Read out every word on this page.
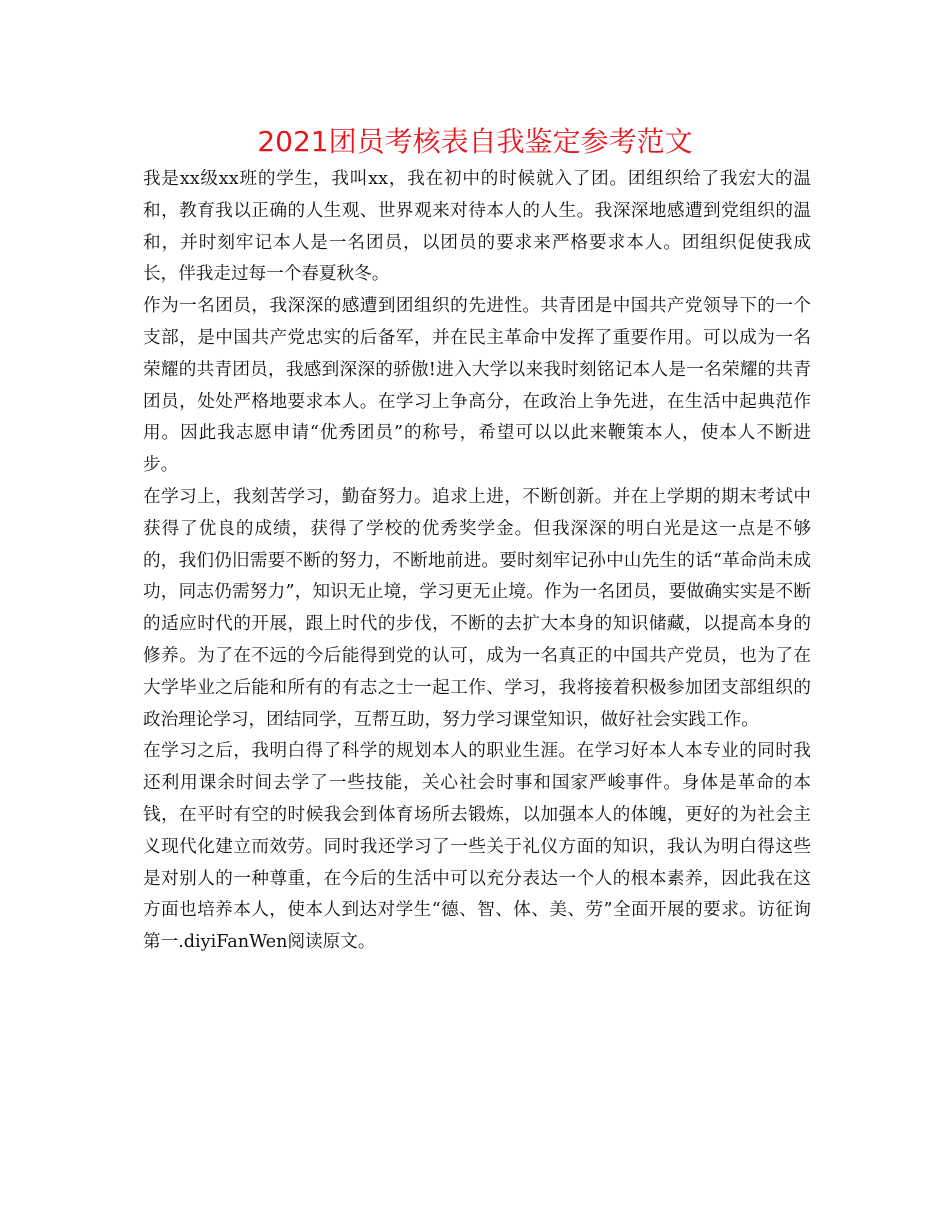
2021团员考核表自我鉴定参考范文

我是xx级xx班的学生，我叫xx，我在初中的时候就入了团。团组织给了我宏大的温和，教育我以正确的人生观、世界观来对待本人的人生。我深深地感遭到党组织的温和，并时刻牢记本人是一名团员，以团员的要求来严格要求本人。团组织促使我成长，伴我走过每一个春夏秋冬。

作为一名团员，我深深的感遭到团组织的先进性。共青团是中国共产党领导下的一个支部，是中国共产党忠实的后备军，并在民主革命中发挥了重要作用。可以成为一名荣耀的共青团员，我感到深深的骄傲!进入大学以来我时刻铭记本人是一名荣耀的共青团员，处处严格地要求本人。在学习上争高分，在政治上争先进，在生活中起典范作用。因此我志愿申请“优秀团员”的称号，希望可以以此来鞭策本人，使本人不断进步。

在学习上，我刻苦学习，勤奋努力。追求上进，不断创新。并在上学期的期末考试中获得了优良的成绩，获得了学校的优秀奖学金。但我深深的明白光是这一点是不够的，我们仍旧需要不断的努力，不断地前进。要时刻牢记孙中山先生的话“革命尚未成功，同志仍需努力”，知识无止境，学习更无止境。作为一名团员，要做确实实是不断的适应时代的开展，跟上时代的步伐，不断的去扩大本身的知识储藏，以提高本身的修养。为了在不远的今后能得到党的认可，成为一名真正的中国共产党员，也为了在大学毕业之后能和所有的有志之士一起工作、学习，我将接着积极参加团支部组织的政治理论学习，团结同学，互帮互助，努力学习课堂知识，做好社会实践工作。

在学习之后，我明白得了科学的规划本人的职业生涯。在学习好本人本专业的同时我还利用课余时间去学了一些技能，关心社会时事和国家严峻事件。身体是革命的本钱，在平时有空的时候我会到体育场所去锻炼，以加强本人的体魄，更好的为社会主义现代化建立而效劳。同时我还学习了一些关于礼仪方面的知识，我认为明白得这些是对别人的一种尊重，在今后的生活中可以充分表达一个人的根本素养，因此我在这方面也培养本人，使本人到达对学生“德、智、体、美、劳”全面开展的要求。访征询第一.diyiFanWen阅读原文。
